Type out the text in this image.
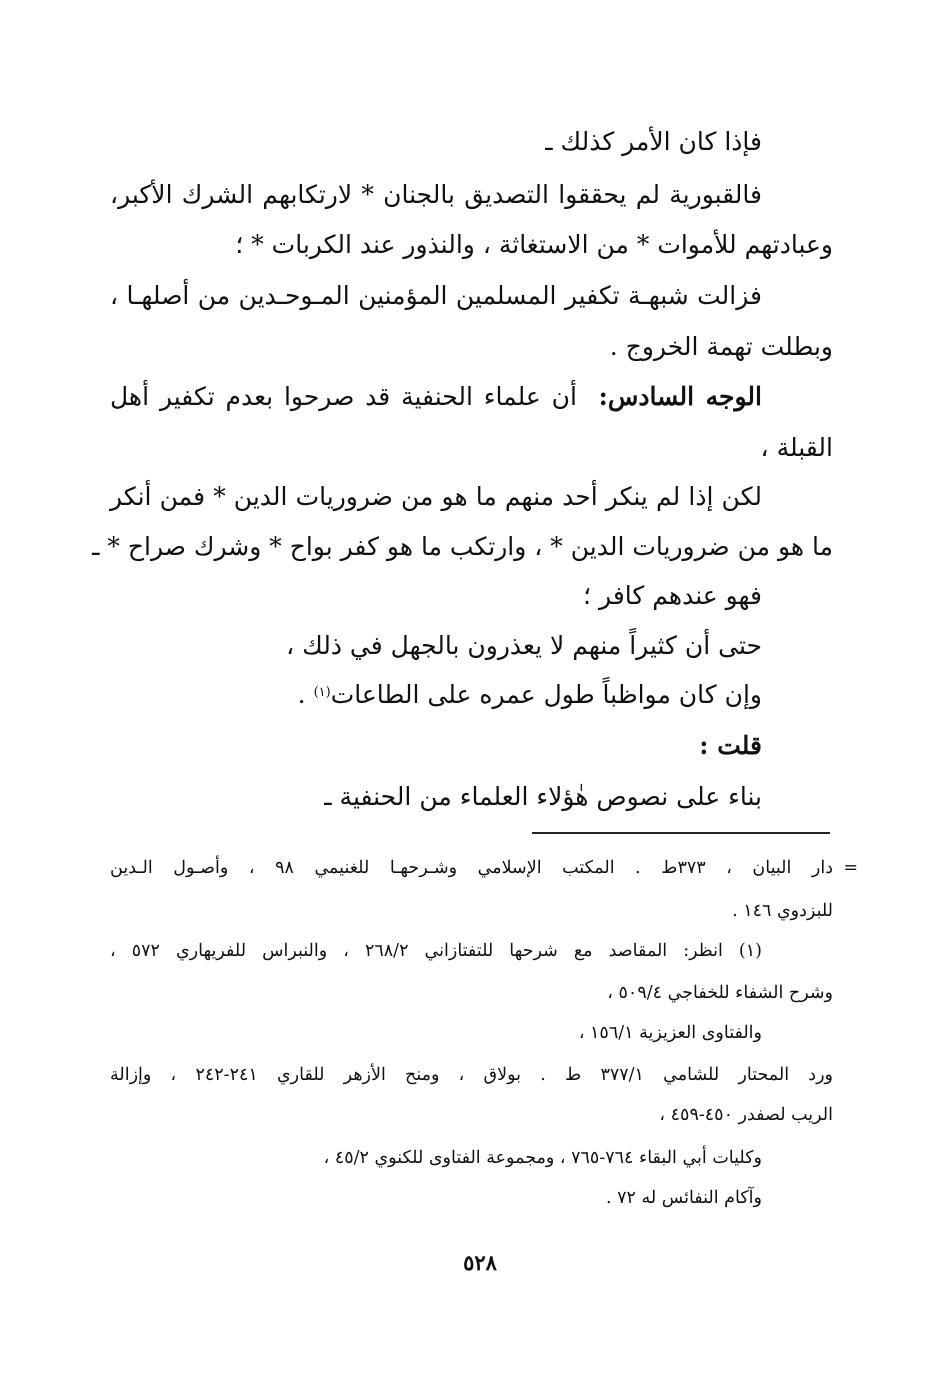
فإذا كان الأمر كذلك ـ
فالقبورية لم يحققوا التصديق بالجنان * لارتكابهم الشرك الأكبر،
وعبادتهم للأموات * من الاستغاثة ، والنذور عند الكربات * ؛
فزالت شبهـة تكفير المسلمين المؤمنين المـوحـدين من أصلهـا ،
وبطلت تهمة الخروج .
الوجه السادس:  أن علماء الحنفية قد صرحوا بعدم تكفير أهل
القبلة ،
لكن إذا لم ينكر أحد منهم ما هو من ضروريات الدين * فمن أنكر
ما هو من ضروريات الدين * ، وارتكب ما هو كفر بواح * وشرك صراح * ـ
فهو عندهم كافر ؛
حتى أن كثيراً منهم لا يعذرون بالجهل في ذلك ،
وإن كان مواظباً طول عمره على الطاعات$^{(١)}$ .
قلت :
بناء على نصوص هٰؤلاء العلماء من الحنفية ـ
=
دار البيان ، ٣٧٣ط . المكتب الإسلامي وشـرحهـا للغنيمي ٩٨ ، وأصـول الـدين
للبزدوي ١٤٦ .
(١) انظر: المقاصد مع شرحها للتفتازاني ٢٦٨/٢ ، والنبراس للفريهاري ٥٧٢ ،
وشرح الشفاء للخفاجي ٥٠٩/٤ ،
والفتاوى العزيزية ١٥٦/١ ،
ورد المحتار للشامي ٣٧٧/١ ط . بولاق ، ومنح الأزهر للقاري ٢٤١-٢٤٢ ، وإزالة
الريب لصفدر ٤٥٠-٤٥٩ ،
وكليات أبي البقاء ٧٦٤-٧٦٥ ، ومجموعة الفتاوى للكنوي ٤٥/٢ ،
وآكام النفائس له ٧٢ .
٥٢٨
